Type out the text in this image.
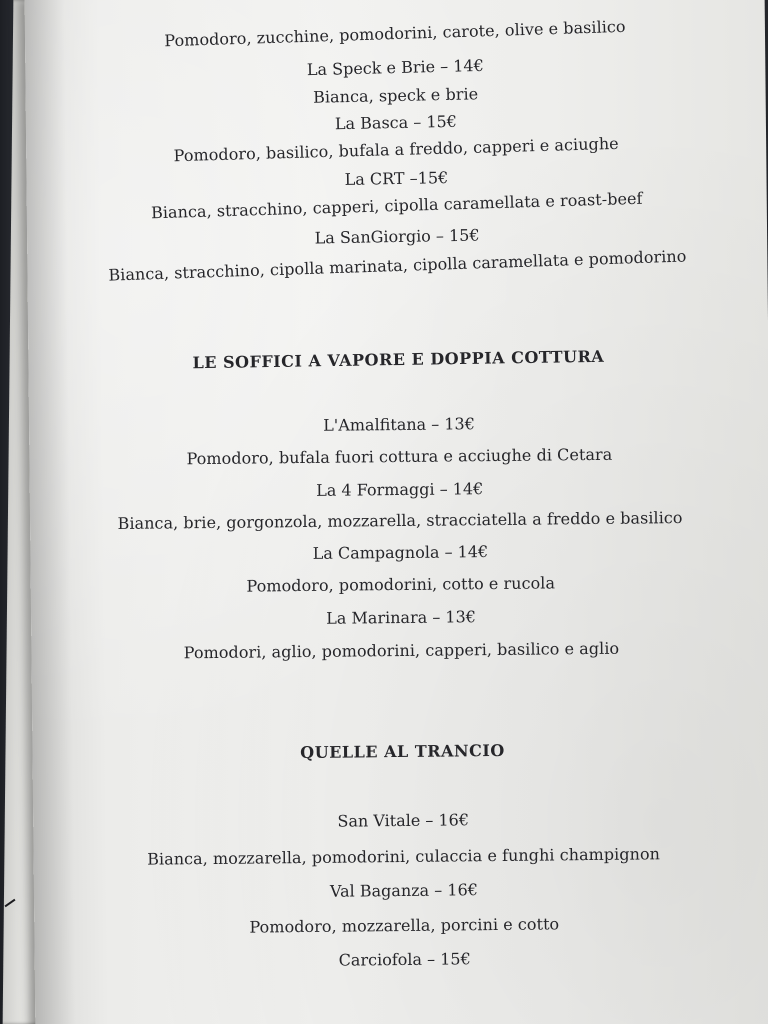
Pomodoro, zucchine, pomodorini, carote, olive e basilico
La Speck e Brie – 14€
Bianca, speck e brie
La Basca – 15€
Pomodoro, basilico, bufala a freddo, capperi e aciughe
La CRT –15€
Bianca, stracchino, capperi, cipolla caramellata e roast-beef
La SanGiorgio – 15€
Bianca, stracchino, cipolla marinata, cipolla caramellata e pomodorino
LE SOFFICI A VAPORE E DOPPIA COTTURA
L'Amalfitana – 13€
Pomodoro, bufala fuori cottura e acciughe di Cetara
La 4 Formaggi – 14€
Bianca, brie, gorgonzola, mozzarella, stracciatella a freddo e basilico
La Campagnola – 14€
Pomodoro, pomodorini, cotto e rucola
La Marinara – 13€
Pomodori, aglio, pomodorini, capperi, basilico e aglio
QUELLE AL TRANCIO
San Vitale – 16€
Bianca, mozzarella, pomodorini, culaccia e funghi champignon
Val Baganza – 16€
Pomodoro, mozzarella, porcini e cotto
Carciofola – 15€
